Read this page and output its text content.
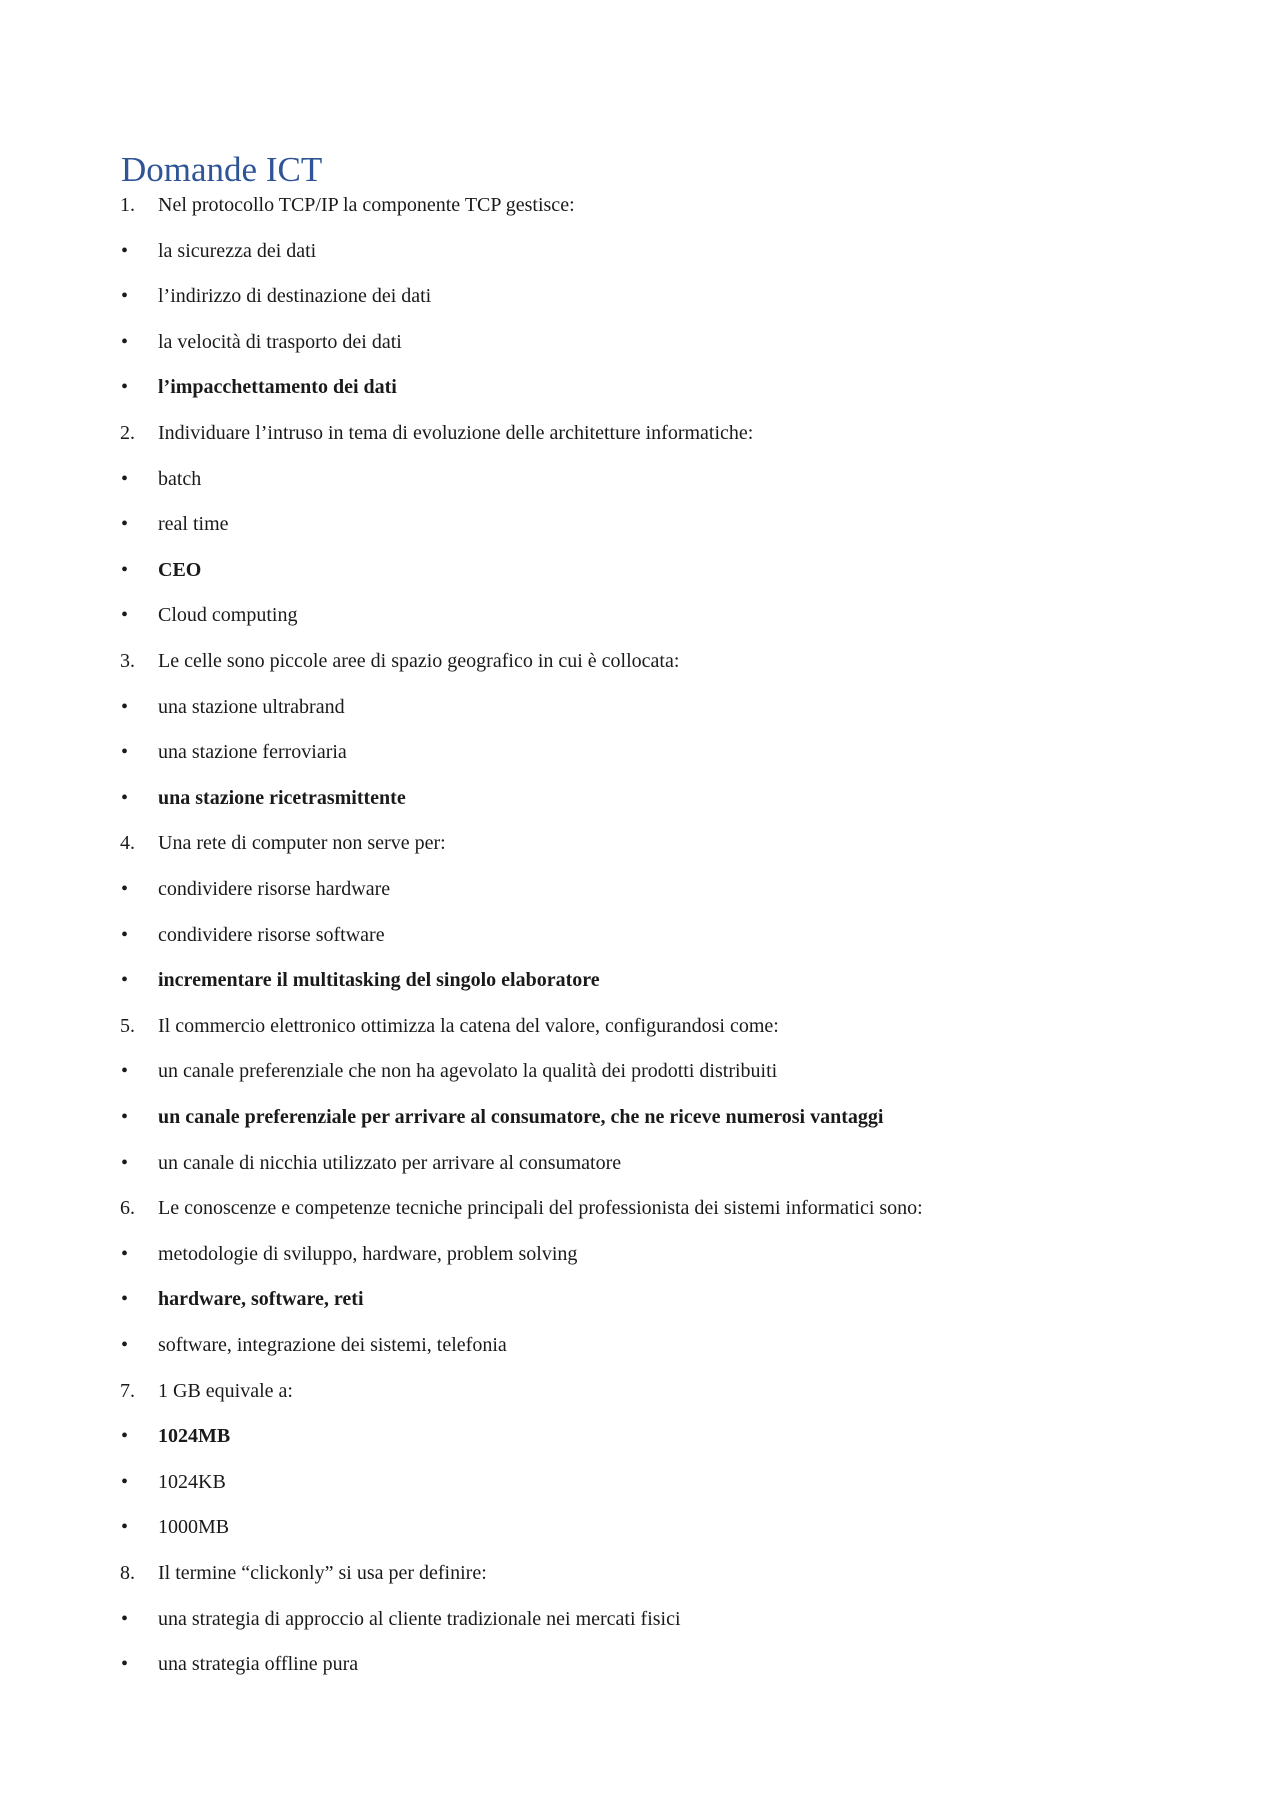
Domande ICT
1. Nel protocollo TCP/IP la componente TCP gestisce:
• la sicurezza dei dati
• l’indirizzo di destinazione dei dati
• la velocità di trasporto dei dati
• l’impacchettamento dei dati
2. Individuare l’intruso in tema di evoluzione delle architetture informatiche:
• batch
• real time
• CEO
• Cloud computing
3. Le celle sono piccole aree di spazio geografico in cui è collocata:
• una stazione ultrabrand
• una stazione ferroviaria
• una stazione ricetrasmittente
4. Una rete di computer non serve per:
• condividere risorse hardware
• condividere risorse software
• incrementare il multitasking del singolo elaboratore
5. Il commercio elettronico ottimizza la catena del valore, configurandosi come:
• un canale preferenziale che non ha agevolato la qualità dei prodotti distribuiti
• un canale preferenziale per arrivare al consumatore, che ne riceve numerosi vantaggi
• un canale di nicchia utilizzato per arrivare al consumatore
6. Le conoscenze e competenze tecniche principali del professionista dei sistemi informatici sono:
• metodologie di sviluppo, hardware, problem solving
• hardware, software, reti
• software, integrazione dei sistemi, telefonia
7. 1 GB equivale a:
• 1024MB
• 1024KB
• 1000MB
8. Il termine “clickonly” si usa per definire:
• una strategia di approccio al cliente tradizionale nei mercati fisici
• una strategia offline pura
